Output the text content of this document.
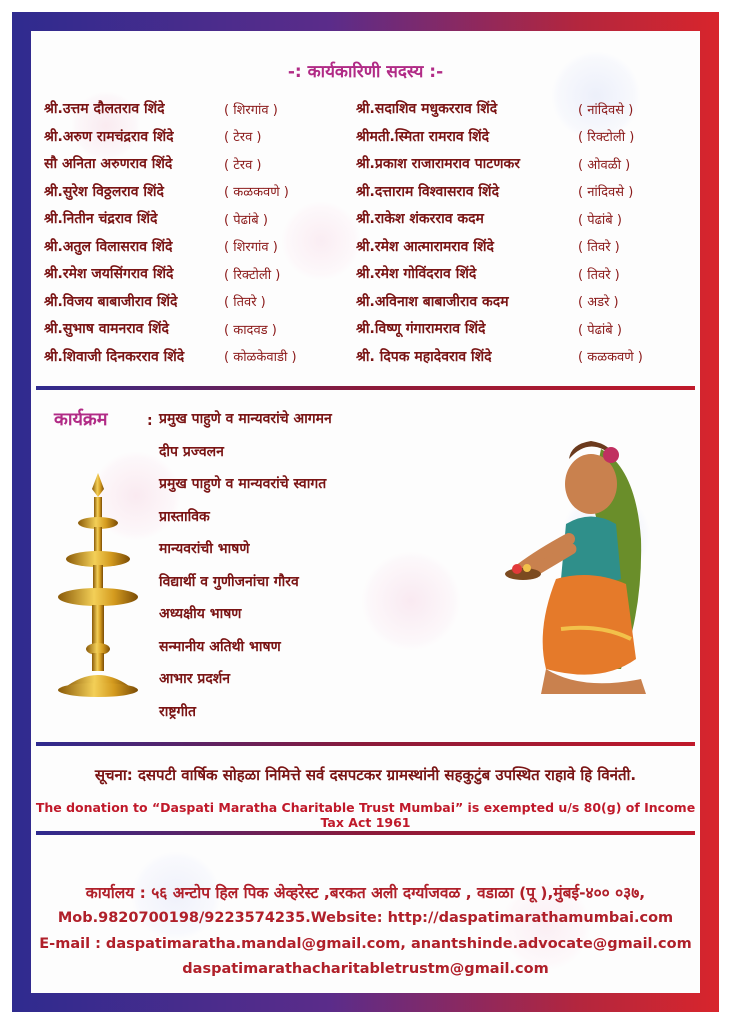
-: कार्यकारिणी सदस्य :-
श्री.उत्तम दौलतराव शिंदे	( शिरगांव )	श्री.सदाशिव मधुकरराव शिंदे	( नांदिवसे )
श्री.अरुण रामचंद्रराव शिंदे	( टेरव )	श्रीमती.स्मिता रामराव शिंदे	( रिक्टोली )
सौ अनिता अरुणराव शिंदे	( टेरव )	श्री.प्रकाश राजारामराव पाटणकर	( ओवळी )
श्री.सुरेश विठ्ठलराव शिंदे	( कळकवणे )	श्री.दत्ताराम विश्वासराव शिंदे	( नांदिवसे )
श्री.नितीन चंद्रराव शिंदे	( पेढांबे )	श्री.राकेश शंकरराव कदम	( पेढांबे )
श्री.अतुल विलासराव शिंदे	( शिरगांव )	श्री.रमेश आत्मारामराव शिंदे	( तिवरे )
श्री.रमेश जयसिंगराव शिंदे	( रिक्टोली )	श्री.रमेश गोविंदराव शिंदे	( तिवरे )
श्री.विजय बाबाजीराव शिंदे	( तिवरे )	श्री.अविनाश बाबाजीराव कदम	( अडरे )
श्री.सुभाष वामनराव शिंदे	( कादवड )	श्री.विष्णू गंगारामराव शिंदे	( पेढांबे )
श्री.शिवाजी दिनकरराव शिंदे	( कोळकेवाडी )	श्री. दिपक महादेवराव शिंदे	( कळकवणे )
कार्यक्रम	: प्रमुख पाहुणे व मान्यवरांचे आगमन
दीप प्रज्वलन
प्रमुख पाहुणे व मान्यवरांचे स्वागत
प्रास्ताविक
मान्यवरांची भाषणे
विद्यार्थी व गुणीजनांचा गौरव
अध्यक्षीय भाषण
सन्मानीय अतिथी भाषण
आभार प्रदर्शन
राष्ट्रगीत
सूचना: दसपटी वार्षिक सोहळा निमित्ते सर्व दसपटकर ग्रामस्थांनी सहकुटुंब उपस्थित राहावे हि विनंती.
The donation to “Daspati Maratha Charitable Trust Mumbai” is exempted u/s 80(g) of Income Tax Act 1961
कार्यालय : ५६ अन्टोप हिल पिक अेव्हरेस्ट ,बरकत अली दर्ग्याजवळ , वडाळा (पू ),मुंबई-४०० ०३७,
Mob.9820700198/9223574235.Website: http://daspatimarathamumbai.com
E-mail : daspatimaratha.mandal@gmail.com, anantshinde.advocate@gmail.com
daspatimarathacharitabletrustm@gmail.com
